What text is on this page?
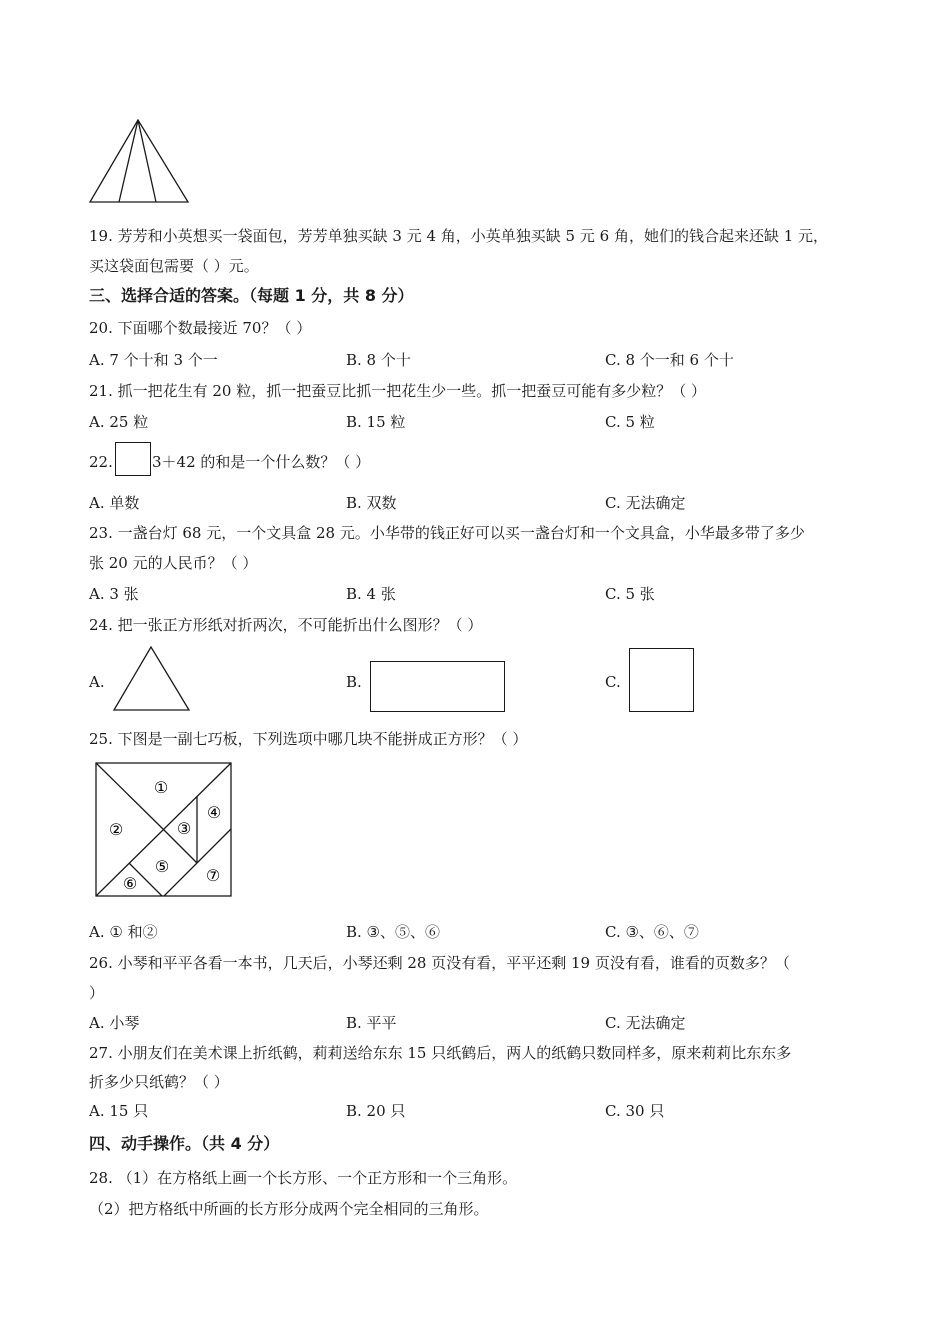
19. 芳芳和小英想买一袋面包，芳芳单独买缺 3 元 4 角，小英单独买缺 5 元 6 角，她们的钱合起来还缺 1 元，
买这袋面包需要（ ）元。
三、选择合适的答案。（每题 1 分，共 8 分）
20. 下面哪个数最接近 70？（ ）
A. 7 个十和 3 个一	B. 8 个十	C. 8 个一和 6 个十
21. 抓一把花生有 20 粒，抓一把蚕豆比抓一把花生少一些。抓一把蚕豆可能有多少粒？（ ）
A. 25 粒	B. 15 粒	C. 5 粒
22.	3＋42 的和是一个什么数？（ ）
A. 单数	B. 双数	C. 无法确定
23. 一盏台灯 68 元，一个文具盒 28 元。小华带的钱正好可以买一盏台灯和一个文具盒，小华最多带了多少
张 20 元的人民币？（ ）
A. 3 张	B. 4 张	C. 5 张
24. 把一张正方形纸对折两次，不可能折出什么图形？（ ）
A.	B.	C.
25. 下图是一副七巧板，下列选项中哪几块不能拼成正方形？（ ）
①
②	③
④
⑤
⑥	⑦
A. ① 和②	B. ③、⑤、⑥	C. ③、⑥、⑦
26. 小琴和平平各看一本书，几天后，小琴还剩 28 页没有看，平平还剩 19 页没有看，谁看的页数多？（
）
A. 小琴	B. 平平	C. 无法确定
27. 小朋友们在美术课上折纸鹤，莉莉送给东东 15 只纸鹤后，两人的纸鹤只数同样多，原来莉莉比东东多
折多少只纸鹤？（ ）
A. 15 只	B. 20 只	C. 30 只
四、动手操作。（共 4 分）
28. （1）在方格纸上画一个长方形、一个正方形和一个三角形。
（2）把方格纸中所画的长方形分成两个完全相同的三角形。
